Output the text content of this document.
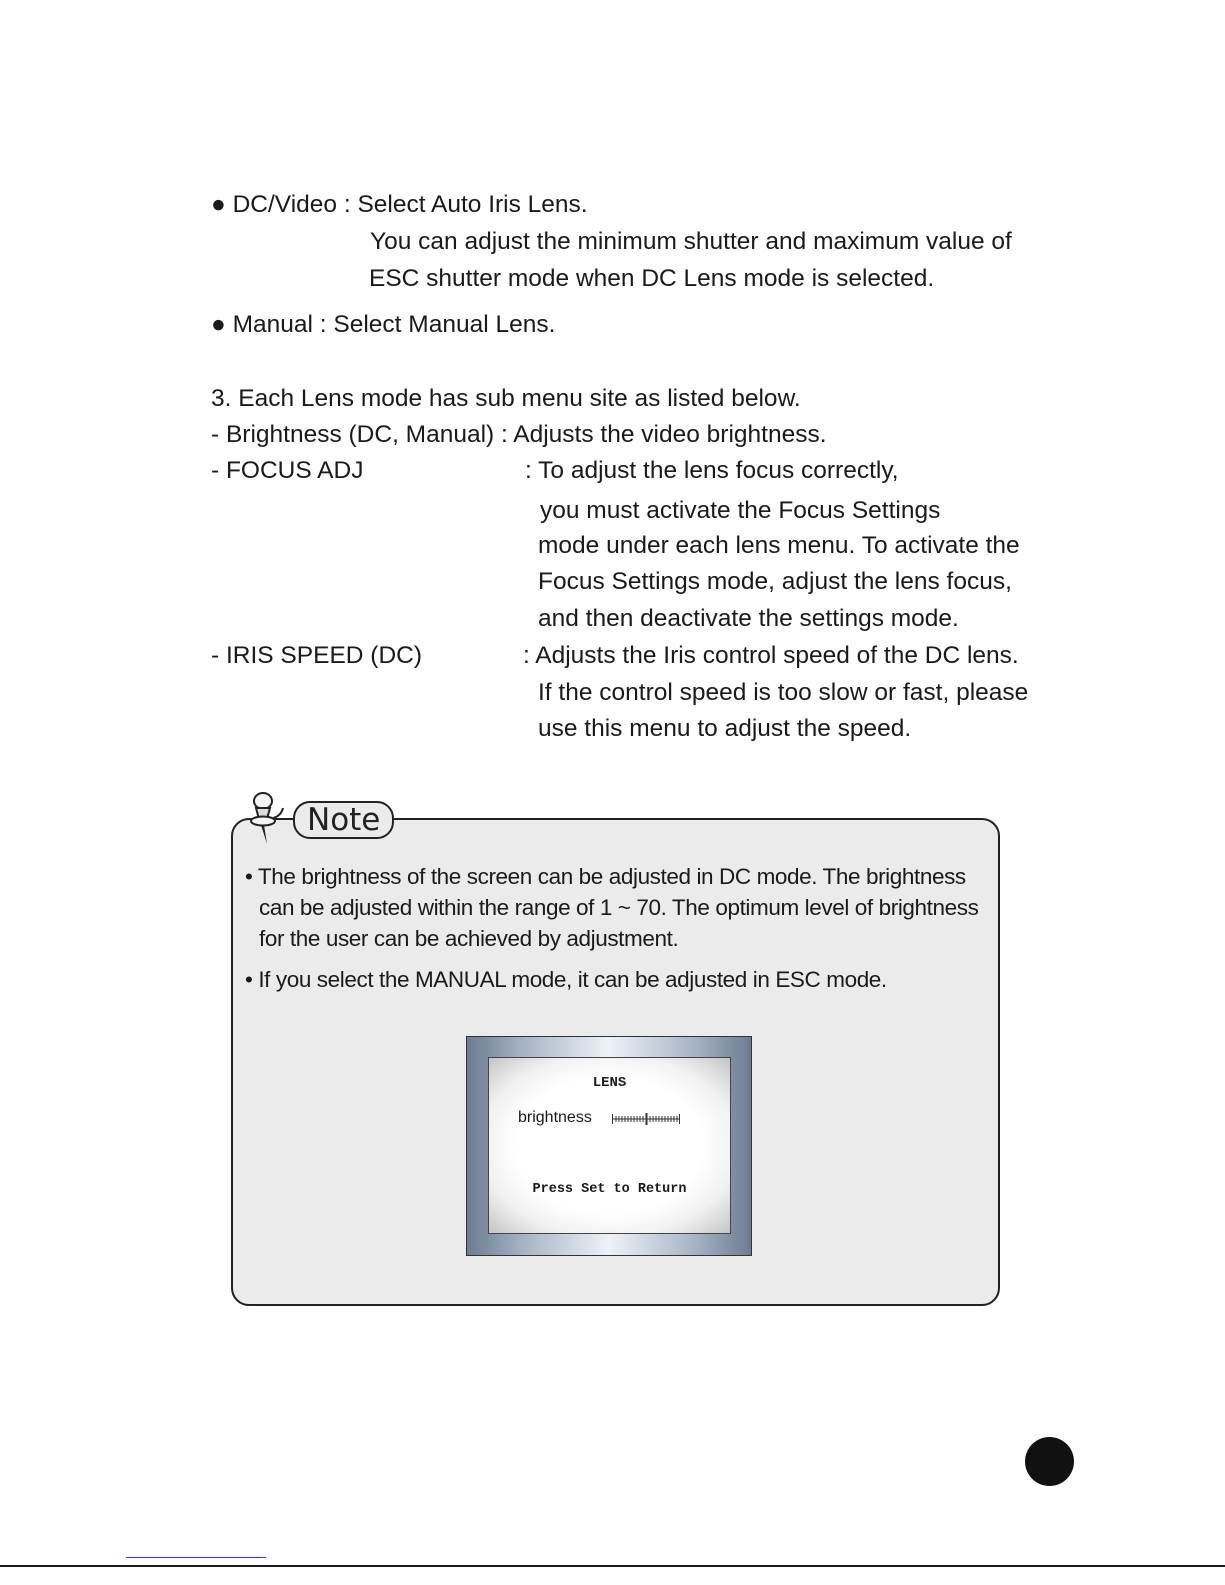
● DC/Video : Select Auto Iris Lens.
You can adjust the minimum shutter and maximum value of
ESC shutter mode when DC Lens mode is selected.
● Manual : Select Manual Lens.
3. Each Lens mode has sub menu site as listed below.
- Brightness (DC, Manual) : Adjusts the video brightness.
- FOCUS ADJ	: To adjust the lens focus correctly,
you must activate the Focus Settings
mode under each lens menu. To activate the
Focus Settings mode, adjust the lens focus,
and then deactivate the settings mode.
- IRIS SPEED (DC)	: Adjusts the Iris control speed of the DC lens.
If the control speed is too slow or fast, please
use this menu to adjust the speed.
Note
• The brightness of the screen can be adjusted in DC mode. The brightness
can be adjusted within the range of 1 ~ 70. The optimum level of brightness
for the user can be achieved by adjustment.
• If you select the MANUAL mode, it can be adjusted in ESC mode.
LENS
brightness
Press Set to Return
